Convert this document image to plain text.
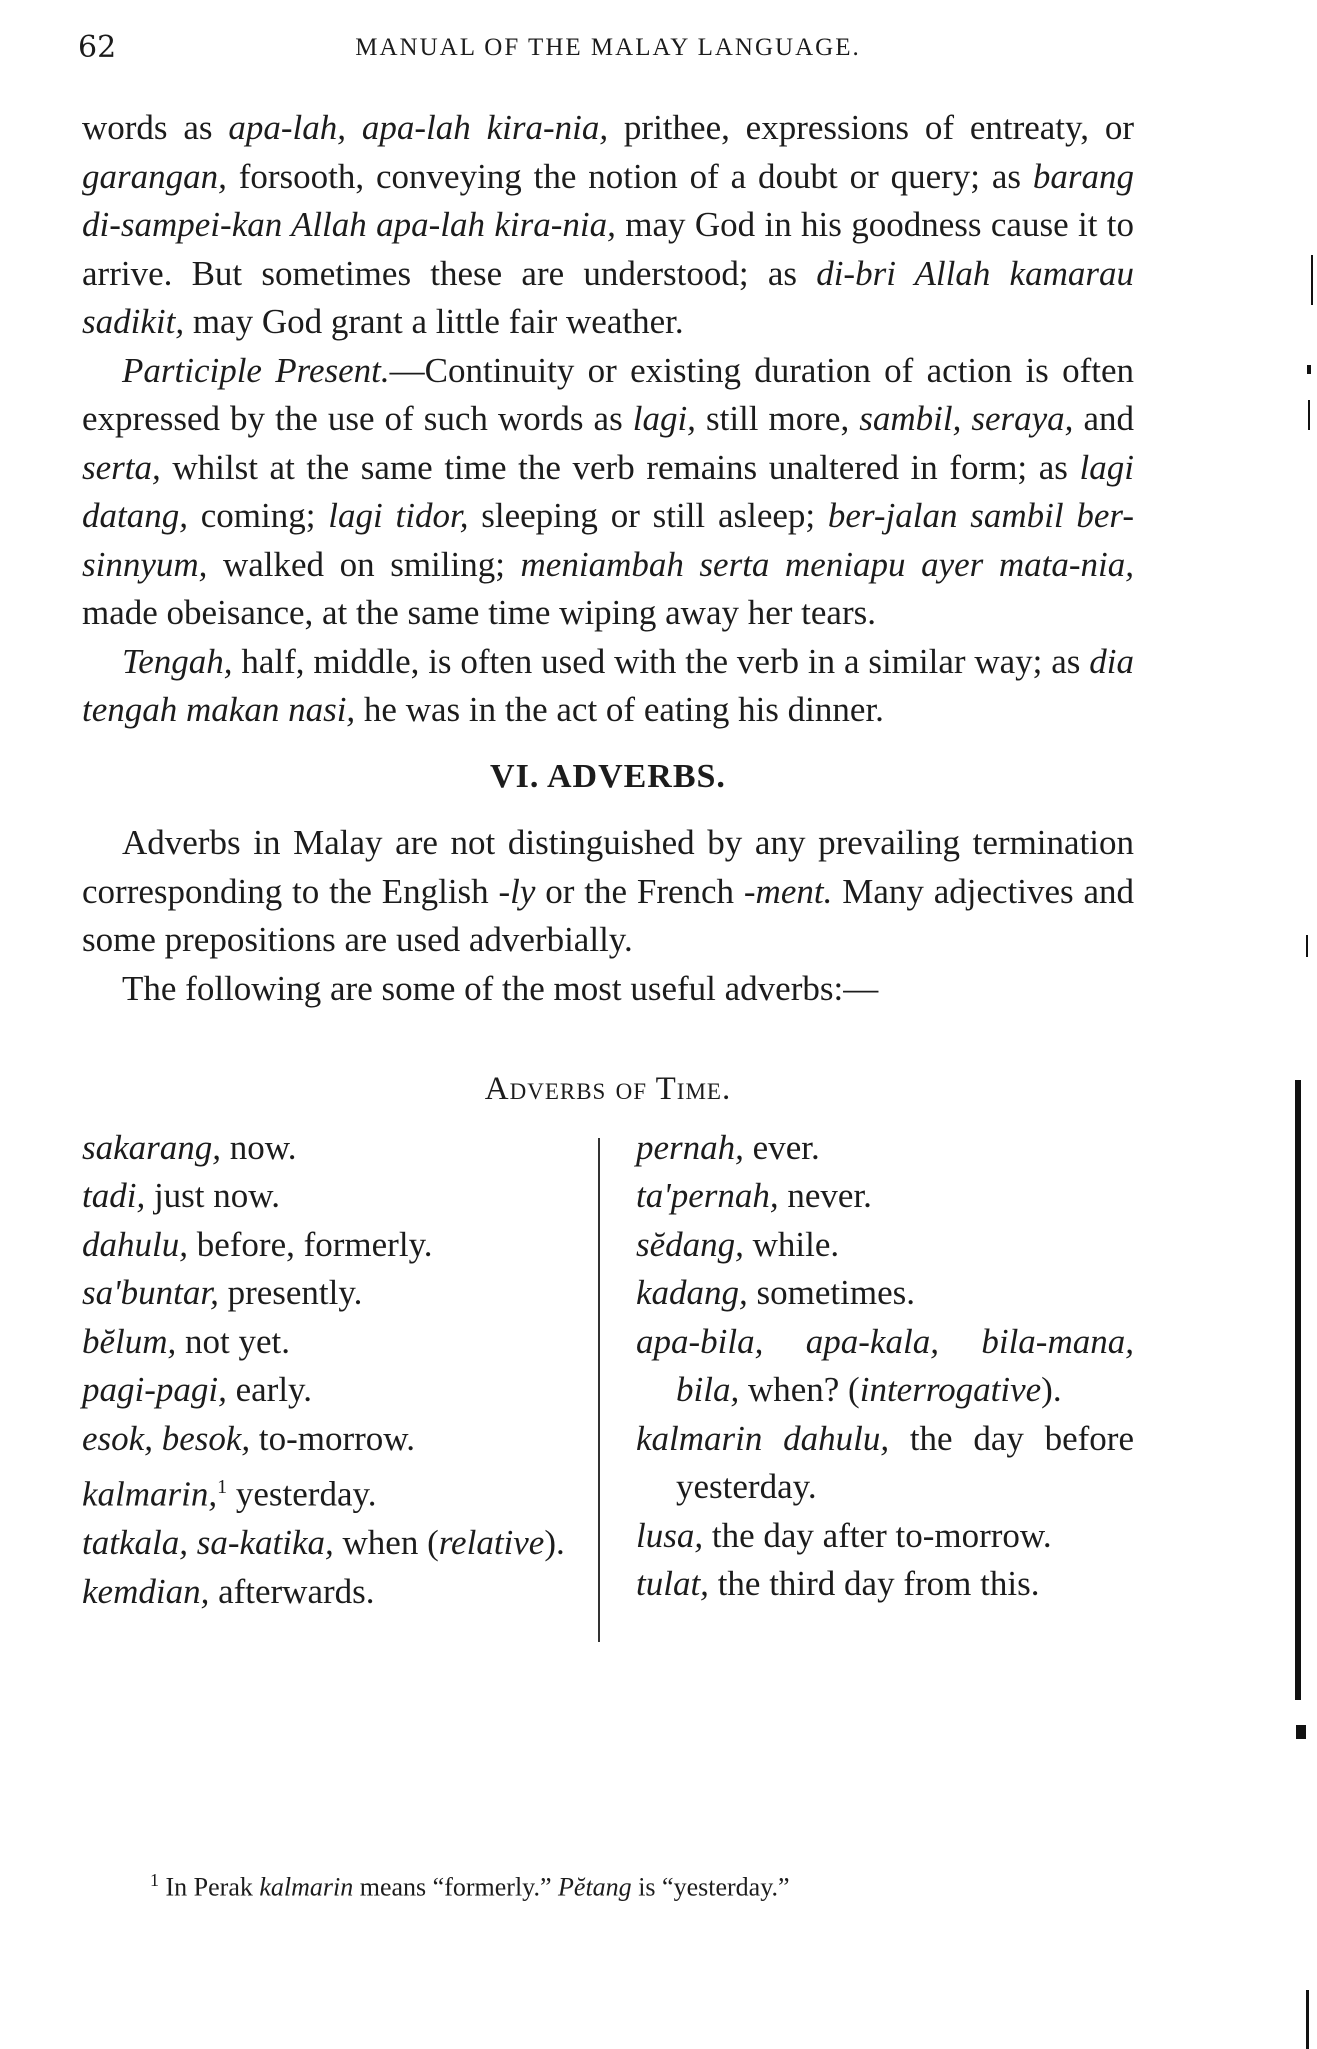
62	MANUAL OF THE MALAY LANGUAGE.

words as apa-lah, apa-lah kira-nia, prithee, expressions of entreaty, or garangan, forsooth, conveying the notion of a doubt or query; as barang di-sampei-kan Allah apa-lah kira-nia, may God in his goodness cause it to arrive. But sometimes these are understood; as di-bri Allah kamarau sadikit, may God grant a little fair weather.

Participle Present.—Continuity or existing duration of action is often expressed by the use of such words as lagi, still more, sambil, seraya, and serta, whilst at the same time the verb remains unaltered in form; as lagi datang, coming; lagi tidor, sleeping or still asleep; ber-jalan sambil ber-sinnyum, walked on smiling; meniambah serta meniapu ayer mata-nia, made obeisance, at the same time wiping away her tears.

Tengah, half, middle, is often used with the verb in a similar way; as dia tengah makan nasi, he was in the act of eating his dinner.

VI. ADVERBS.

Adverbs in Malay are not distinguished by any prevailing termination corresponding to the English -ly or the French -ment. Many adjectives and some prepositions are used adverbially.

The following are some of the most useful adverbs:—

Adverbs of Time.

sakarang, now.

tadi, just now.

dahulu, before, formerly.

sa'buntar, presently.

bĕlum, not yet.

pagi-pagi, early.

esok, besok, to-morrow.

kalmarin,$^1$ yesterday.

tatkala, sa-katika, when (relative).

kemdian, afterwards.

pernah, ever.

ta'pernah, never.

sĕdang, while.

kadang, sometimes.

apa-bila, apa-kala, bila-mana, bila, when? (interrogative).

kalmarin dahulu, the day before yesterday.

lusa, the day after to-morrow.

tulat, the third day from this.

$^1$ In Perak kalmarin means “formerly.” Pĕtang is “yesterday.”
